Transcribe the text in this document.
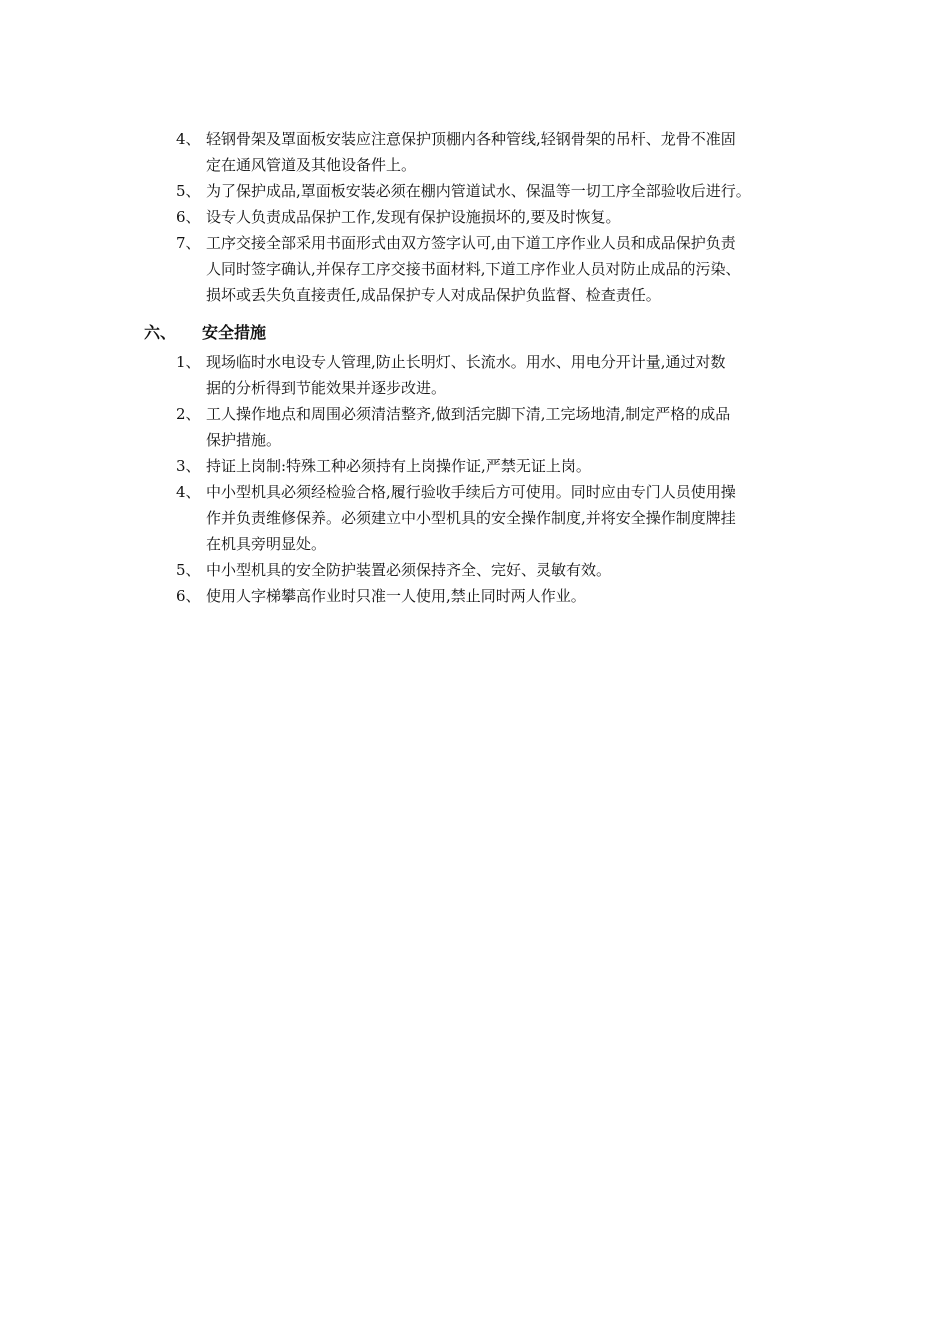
4、 轻钢骨架及罩面板安装应注意保护顶棚内各种管线,轻钢骨架的吊杆、龙骨不准固
定在通风管道及其他设备件上。
5、 为了保护成品,罩面板安装必须在棚内管道试水、保温等一切工序全部验收后进行。
6、 设专人负责成品保护工作,发现有保护设施损坏的,要及时恢复。
7、 工序交接全部采用书面形式由双方签字认可,由下道工序作业人员和成品保护负责
人同时签字确认,并保存工序交接书面材料,下道工序作业人员对防止成品的污染、
损坏或丢失负直接责任,成品保护专人对成品保护负监督、检查责任。
六、 安全措施
1、 现场临时水电设专人管理,防止长明灯、长流水。用水、用电分开计量,通过对数
据的分析得到节能效果并逐步改进。
2、 工人操作地点和周围必须清洁整齐,做到活完脚下清,工完场地清,制定严格的成品
保护措施。
3、 持证上岗制:特殊工种必须持有上岗操作证,严禁无证上岗。
4、 中小型机具必须经检验合格,履行验收手续后方可使用。同时应由专门人员使用操
作并负责维修保养。必须建立中小型机具的安全操作制度,并将安全操作制度牌挂
在机具旁明显处。
5、 中小型机具的安全防护装置必须保持齐全、完好、灵敏有效。
6、 使用人字梯攀高作业时只准一人使用,禁止同时两人作业。
